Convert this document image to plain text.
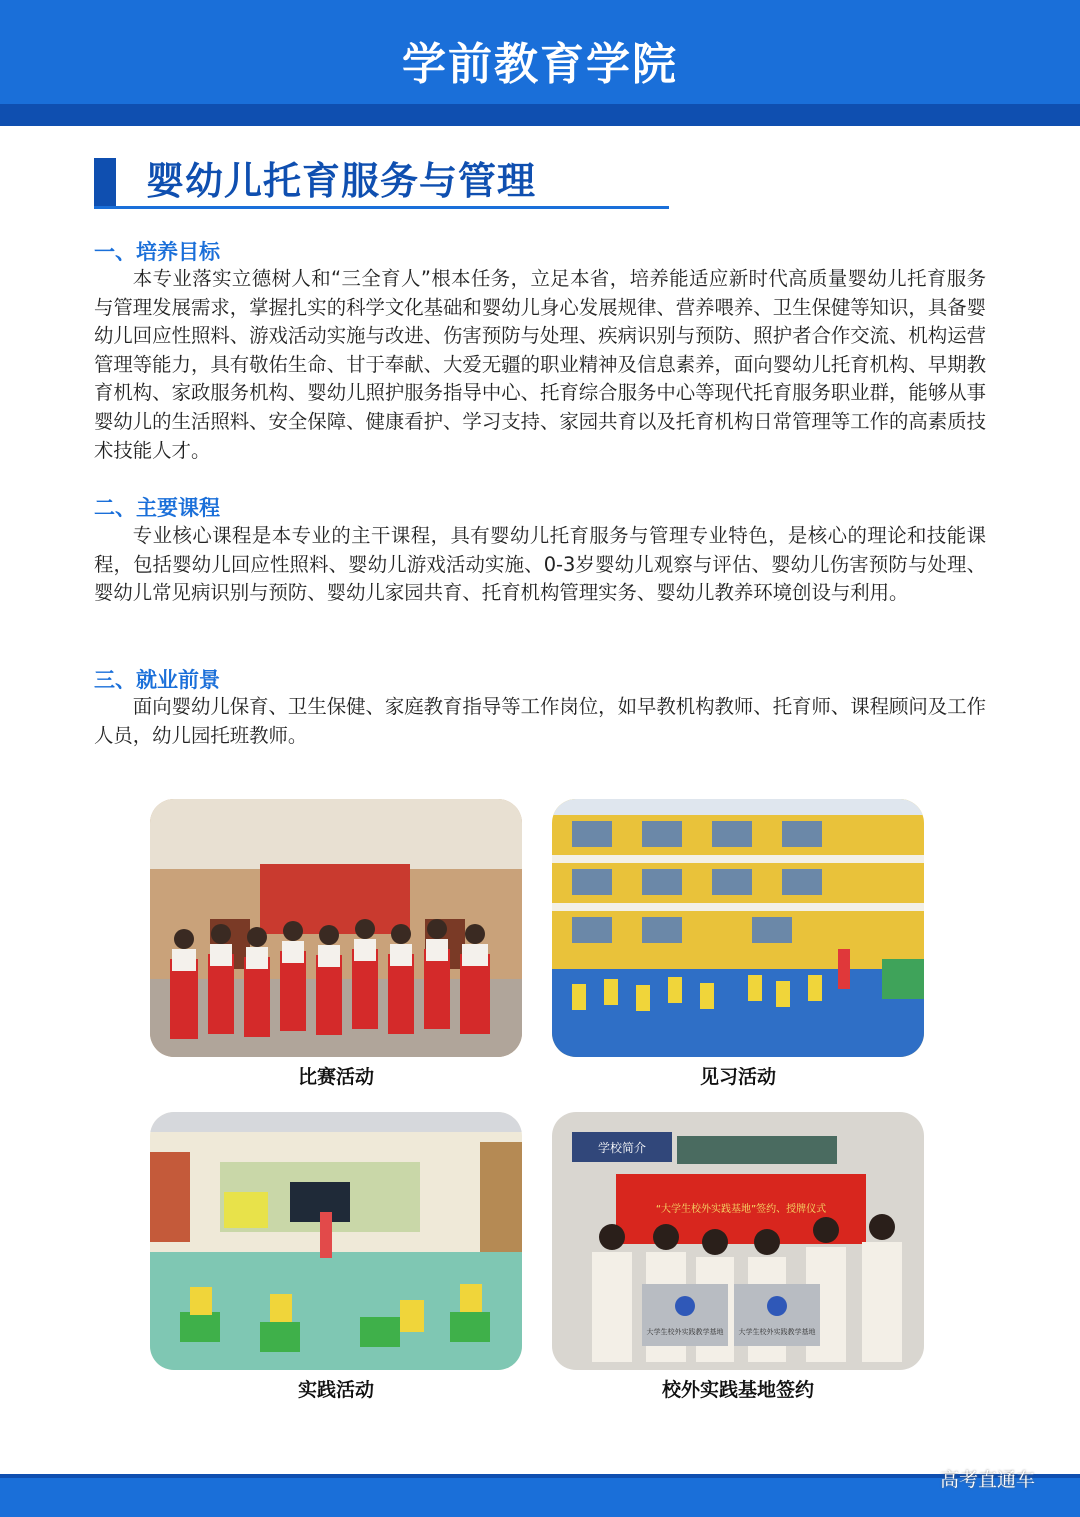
学前教育学院
婴幼儿托育服务与管理
一、培养目标
本专业落实立德树人和“三全育人”根本任务，立足本省，培养能适应新时代高质量婴幼儿托育服务与管理发展需求，掌握扎实的科学文化基础和婴幼儿身心发展规律、营养喂养、卫生保健等知识，具备婴幼儿回应性照料、游戏活动实施与改进、伤害预防与处理、疾病识别与预防、照护者合作交流、机构运营管理等能力，具有敬佑生命、甘于奉献、大爱无疆的职业精神及信息素养，面向婴幼儿托育机构、早期教育机构、家政服务机构、婴幼儿照护服务指导中心、托育综合服务中心等现代托育服务职业群，能够从事婴幼儿的生活照料、安全保障、健康看护、学习支持、家园共育以及托育机构日常管理等工作的高素质技术技能人才。
二、主要课程
专业核心课程是本专业的主干课程，具有婴幼儿托育服务与管理专业特色，是核心的理论和技能课程，包括婴幼儿回应性照料、婴幼儿游戏活动实施、0-3岁婴幼儿观察与评估、婴幼儿伤害预防与处理、婴幼儿常见病识别与预防、婴幼儿家园共育、托育机构管理实务、婴幼儿教养环境创设与利用。
三、就业前景
面向婴幼儿保育、卫生保健、家庭教育指导等工作岗位，如早教机构教师、托育师、课程顾问及工作人员，幼儿园托班教师。
比赛活动	见习活动
实践活动
学校简介
“大学生校外实践基地”签约、授牌仪式
大学生校外实践教学基地 大学生校外实践教学基地
校外实践基地签约
高考直通车
